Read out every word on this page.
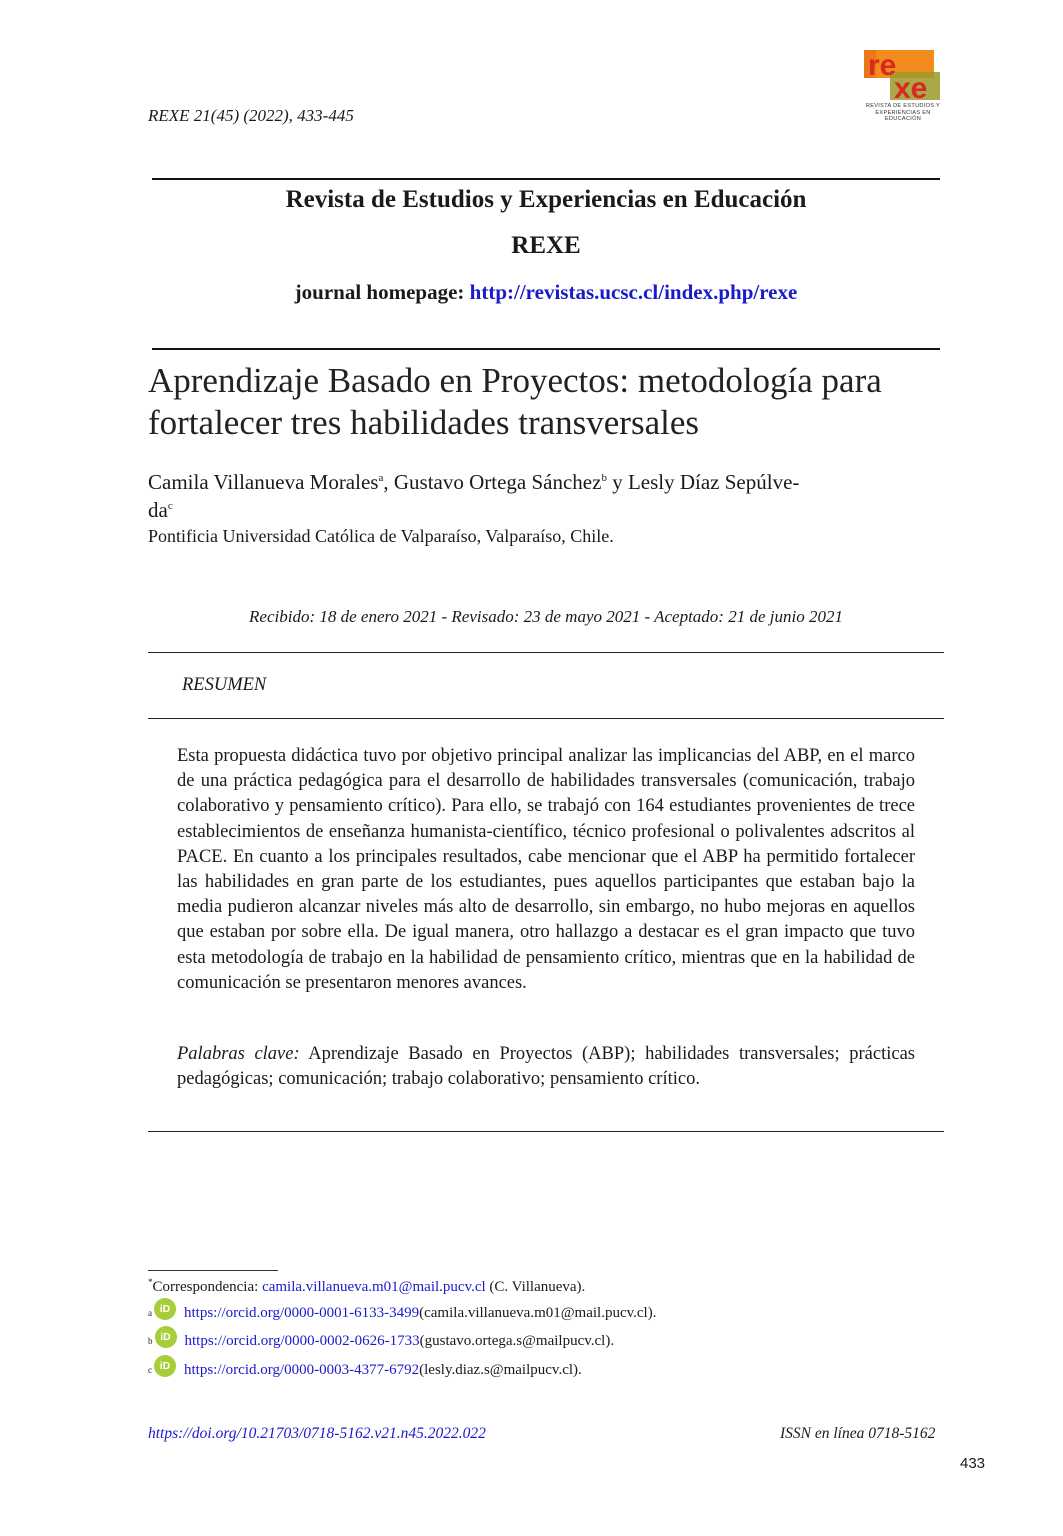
REXE 21(45) (2022), 433-445
re
xe
REVISTA DE ESTUDIOS Y EXPERIENCIAS EN EDUCACIÓN
Revista de Estudios y Experiencias en Educación
REXE
journal homepage: http://revistas.ucsc.cl/index.php/rexe
Aprendizaje Basado en Proyectos: metodología para
fortalecer tres habilidades transversales
Camila Villanueva Morales$^a$, Gustavo Ortega Sánchez$^b$ y Lesly Díaz Sepúlve-
$da^c$
Pontificia Universidad Católica de Valparaíso, Valparaíso, Chile.
Recibido: 18 de enero 2021 - Revisado: 23 de mayo 2021 - Aceptado: 21 de junio 2021
RESUMEN
Esta propuesta didáctica tuvo por objetivo principal analizar las implicancias del ABP, en el marco de una práctica pedagógica para el desarrollo de habilidades transversales (comunicación, trabajo colaborativo y pensamiento crítico). Para ello, se trabajó con 164 estudiantes provenientes de trece establecimientos de enseñanza humanista-científico, técnico profesional o polivalentes adscritos al PACE. En cuanto a los principales resultados, cabe mencionar que el ABP ha permitido fortalecer las habilidades en gran parte de los estudiantes, pues aquellos participantes que estaban bajo la media pudieron alcanzar niveles más alto de desarrollo, sin embargo, no hubo mejoras en aquellos que estaban por sobre ella. De igual manera, otro hallazgo a destacar es el gran impacto que tuvo esta metodología de trabajo en la habilidad de pensamiento crítico, mientras que en la habilidad de comunicación se presentaron menores avances.
Palabras clave: Aprendizaje Basado en Proyectos (ABP); habilidades transversales; prácticas pedagógicas; comunicación; trabajo colaborativo; pensamiento crítico.
*Correspondencia: camila.villanueva.m01@mail.pucv.cl (C. Villanueva).
a iD https://orcid.org/0000-0001-6133-3499 (camila.villanueva.m01@mail.pucv.cl).
b iD https://orcid.org/0000-0002-0626-1733 (gustavo.ortega.s@mailpucv.cl).
c iD https://orcid.org/0000-0003-4377-6792 (lesly.diaz.s@mailpucv.cl).
https://doi.org/10.21703/0718-5162.v21.n45.2022.022	ISSN en línea 0718-5162
433
